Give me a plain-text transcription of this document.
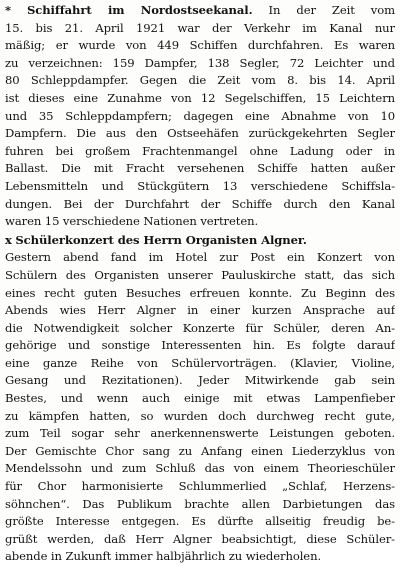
* Schiffahrt im Nordostseekanal. In der Zeit vom
15. bis 21. April 1921 war der Verkehr im Kanal nur
mäßig; er wurde von 449 Schiffen durchfahren. Es waren
zu verzeichnen: 159 Dampfer, 138 Segler, 72 Leichter und
80 Schleppdampfer. Gegen die Zeit vom 8. bis 14. April
ist dieses eine Zunahme von 12 Segelschiffen, 15 Leichtern
und 35 Schleppdampfern; dagegen eine Abnahme von 10
Dampfern. Die aus den Ostseehäfen zurückgekehrten Segler
fuhren bei großem Frachtenmangel ohne Ladung oder in
Ballast. Die mit Fracht versehenen Schiffe hatten außer
Lebensmitteln und Stückgütern 13 verschiedene Schiffsla-
dungen. Bei der Durchfahrt der Schiffe durch den Kanal
waren 15 verschiedene Nationen vertreten.
x Schülerkonzert des Herrn Organisten Algner.
Gestern abend fand im Hotel zur Post ein Konzert von
Schülern des Organisten unserer Pauluskirche statt, das sich
eines recht guten Besuches erfreuen konnte. Zu Beginn des
Abends wies Herr Algner in einer kurzen Ansprache auf
die Notwendigkeit solcher Konzerte für Schüler, deren An-
gehörige und sonstige Interessenten hin. Es folgte darauf
eine ganze Reihe von Schülervorträgen. (Klavier, Violine,
Gesang und Rezitationen). Jeder Mitwirkende gab sein
Bestes, und wenn auch einige mit etwas Lampenfieber
zu kämpfen hatten, so wurden doch durchweg recht gute,
zum Teil sogar sehr anerkennenswerte Leistungen geboten.
Der Gemischte Chor sang zu Anfang einen Liederzyklus von
Mendelssohn und zum Schluß das von einem Theorieschüler
für Chor harmonisierte Schlummerlied „Schlaf, Herzens-
söhnchen“. Das Publikum brachte allen Darbietungen das
größte Interesse entgegen. Es dürfte allseitig freudig be-
grüßt werden, daß Herr Algner beabsichtigt, diese Schüler-
abende in Zukunft immer halbjährlich zu wiederholen.
